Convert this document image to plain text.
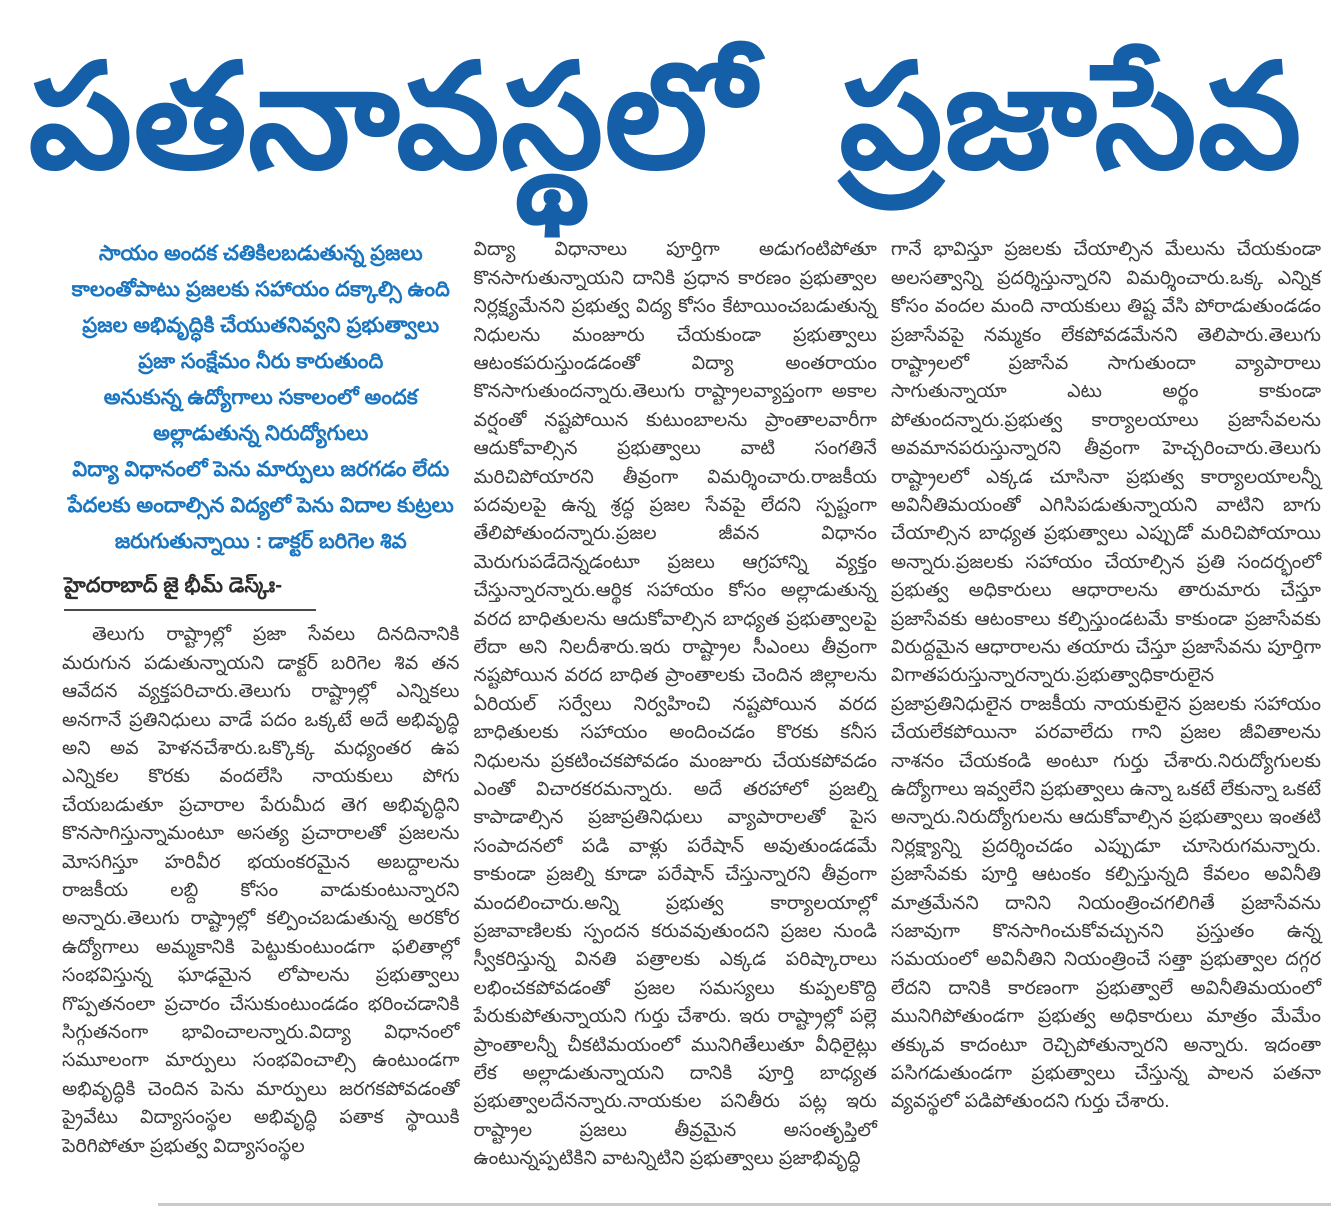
పతనావస్థలో ప్రజాసేవ
సాయం అందక చతికిలబడుతున్న ప్రజలు
కాలంతోపాటు ప్రజలకు సహాయం దక్కాల్సి ఉంది
ప్రజల అభివృద్ధికి చేయుతనివ్వని ప్రభుత్వాలు
ప్రజా సంక్షేమం నీరు కారుతుంది
అనుకున్న ఉద్యోగాలు సకాలంలో అందక
అల్లాడుతున్న నిరుద్యోగులు
విద్యా విధానంలో పెను మార్పులు జరగడం లేదు
పేదలకు అందాల్సిన విద్యలో పెను విదాల కుట్రలు
జరుగుతున్నాయి : డాక్టర్ బరిగెల శివ
హైదరాబాద్ జై భీమ్ డెస్క్ః-

తెలుగు రాష్ట్రాల్లో ప్రజా సేవలు దినదినానికి మరుగున పడుతున్నాయని డాక్టర్ బరిగెల శివ తన ఆవేదన వ్యక్తపరిచారు.తెలుగు రాష్ట్రాల్లో ఎన్నికలు అనగానే ప్రతినిధులు వాడే పదం ఒక్కటే అదే అభివృద్ధి అని అవ హెళనచేశారు.ఒక్కొక్క మధ్యంతర ఉప ఎన్నికల కొరకు వందలేసి నాయకులు పోగు చేయబడుతూ ప్రచారాల పేరుమీద తెగ అభివృద్ధిని కొనసాగిస్తున్నామంటూ అసత్య ప్రచారాలతో ప్రజలను మోసగిస్తూ హరివీర భయంకరమైన అబద్దాలను రాజకీయ లబ్ది కోసం వాడుకుంటున్నారని అన్నారు.తెలుగు రాష్ట్రాల్లో కల్పించబడుతున్న అరకోర ఉద్యోగాలు అమ్మకానికి పెట్టుకుంటుండగా ఫలితాల్లో సంభవిస్తున్న ఘాఢమైన లోపాలను ప్రభుత్వాలు గొప్పతనంలా ప్రచారం చేసుకుంటుండడం భరించడానికి సిగ్గుతనంగా భావించాలన్నారు.విద్యా విధానంలో సమూలంగా మార్పులు సంభవించాల్సి ఉంటుండగా అభివృద్ధికి చెందిన పెను మార్పులు జరగకపోవడంతో ప్రైవేటు విద్యాసంస్థల అభివృద్ధి పతాక స్థాయికి పెరిగిపోతూ ప్రభుత్వ విద్యాసంస్థల

విద్యా విధానాలు పూర్తిగా అడుగంటిపోతూ కొనసాగుతున్నాయని దానికి ప్రధాన కారణం ప్రభుత్వాల నిర్లక్ష్యమేనని ప్రభుత్వ విద్య కోసం కేటాయించబడుతున్న నిధులను మంజూరు చేయకుండా ప్రభుత్వాలు ఆటంకపరుస్తుండడంతో విద్యా అంతరాయం కొనసాగుతుందన్నారు.తెలుగు రాష్ట్రాలవ్యాప్తంగా అకాల వర్షంతో నష్టపోయిన కుటుంబాలను ప్రాంతాలవారీగా ఆదుకోవాల్సిన ప్రభుత్వాలు వాటి సంగతినే మరిచిపోయారని తీవ్రంగా విమర్శించారు.రాజకీయ పదవులపై ఉన్న శ్రద్ధ ప్రజల సేవపై లేదని స్పష్టంగా తేలిపోతుందన్నారు.ప్రజల జీవన విధానం మెరుగుపడేదెన్నడంటూ ప్రజలు ఆగ్రహాన్ని వ్యక్తం చేస్తున్నారన్నారు.ఆర్థిక సహాయం కోసం అల్లాడుతున్న వరద బాధితులను ఆదుకోవాల్సిన బాధ్యత ప్రభుత్వాలపై లేదా అని నిలదీశారు.ఇరు రాష్ట్రాల సీఎంలు తీవ్రంగా నష్టపోయిన వరద బాధిత ప్రాంతాలకు చెందిన జిల్లాలను ఏరియల్ సర్వేలు నిర్వహించి నష్టపోయిన వరద బాధితులకు సహాయం అందించడం కొరకు కనీస నిధులను ప్రకటించకపోవడం మంజూరు చేయకపోవడం ఎంతో విచారకరమన్నారు. అదే తరహాలో ప్రజల్ని కాపాడాల్సిన ప్రజాప్రతినిధులు వ్యాపారాలతో పైస సంపాదనలో పడి వాళ్లు పరేషాన్ అవుతుండడమే కాకుండా ప్రజల్ని కూడా పరేషాన్ చేస్తున్నారని తీవ్రంగా మందలించారు.అన్ని ప్రభుత్వ కార్యాలయాల్లో ప్రజావాణిలకు స్పందన కరువవుతుందని ప్రజల నుండి స్వీకరిస్తున్న వినతి పత్రాలకు ఎక్కడ పరిష్కారాలు లభించకపోవడంతో ప్రజల సమస్యలు కుప్పలకొద్ది పేరుకుపోతున్నాయని గుర్తు చేశారు. ఇరు రాష్ట్రాల్లో పల్లె ప్రాంతాలన్నీ చీకటిమయంలో మునిగితేలుతూ వీధిలైట్లు లేక అల్లాడుతున్నాయని దానికి పూర్తి బాధ్యత ప్రభుత్వాలదేనన్నారు.నాయకుల పనితీరు పట్ల ఇరు రాష్ట్రాల ప్రజలు తీవ్రమైన అసంతృప్తిలో ఉంటున్నప్పటికిని వాటన్నిటిని ప్రభుత్వాలు ప్రజాభివృద్ధి

గానే భావిస్తూ ప్రజలకు చేయాల్సిన మేలును చేయకుండా అలసత్వాన్ని ప్రదర్శిస్తున్నారని విమర్శించారు.ఒక్క ఎన్నిక కోసం వందల మంది నాయకులు తిష్ట వేసి పోరాడుతుండడం ప్రజాసేవపై నమ్మకం లేకపోవడమేనని తెలిపారు.తెలుగు రాష్ట్రాలలో ప్రజాసేవ సాగుతుందా వ్యాపారాలు సాగుతున్నాయా ఎటు అర్థం కాకుండా పోతుందన్నారు.ప్రభుత్వ కార్యాలయాలు ప్రజాసేవలను అవమానపరుస్తున్నారని తీవ్రంగా హెచ్చరించారు.తెలుగు రాష్ట్రాలలో ఎక్కడ చూసినా ప్రభుత్వ కార్యాలయాలన్నీ అవినీతిమయంతో ఎగిసిపడుతున్నాయని వాటిని బాగు చేయాల్సిన బాధ్యత ప్రభుత్వాలు ఎప్పుడో మరిచిపోయాయి అన్నారు.ప్రజలకు సహాయం చేయాల్సిన ప్రతి సందర్భంలో ప్రభుత్వ అధికారులు ఆధారాలను తారుమారు చేస్తూ ప్రజాసేవకు ఆటంకాలు కల్పిస్తుండటమే కాకుండా ప్రజాసేవకు విరుద్దమైన ఆధారాలను తయారు చేస్తూ ప్రజాసేవను పూర్తిగా విగాతపరుస్తున్నారన్నారు.ప్రభుత్వాధికారులైన ప్రజాప్రతినిధులైన రాజకీయ నాయకులైన ప్రజలకు సహాయం చేయలేకపోయినా పరవాలేదు గాని ప్రజల జీవితాలను నాశనం చేయకండి అంటూ గుర్తు చేశారు.నిరుద్యోగులకు ఉద్యోగాలు ఇవ్వలేని ప్రభుత్వాలు ఉన్నా ఒకటే లేకున్నా ఒకటే అన్నారు.నిరుద్యోగులను ఆదుకోవాల్సిన ప్రభుత్వాలు ఇంతటి నిర్లక్ష్యాన్ని ప్రదర్శించడం ఎప్పుడూ చూసెరుగమన్నారు. ప్రజాసేవకు పూర్తి ఆటంకం కల్పిస్తున్నది కేవలం అవినీతి మాత్రమేనని దానిని నియంత్రించగలిగితే ప్రజాసేవను సజావుగా కొనసాగించుకోవచ్చునని ప్రస్తుతం ఉన్న సమయంలో అవినీతిని నియంత్రించే సత్తా ప్రభుత్వాల దగ్గర లేదని దానికి కారణంగా ప్రభుత్వాలే అవినీతిమయంలో మునిగిపోతుండగా ప్రభుత్వ అధికారులు మాత్రం మేమేం తక్కువ కాదంటూ రెచ్చిపోతున్నారని అన్నారు. ఇదంతా పసిగడుతుండగా ప్రభుత్వాలు చేస్తున్న పాలన పతనా వ్యవస్థలో పడిపోతుందని గుర్తు చేశారు.
